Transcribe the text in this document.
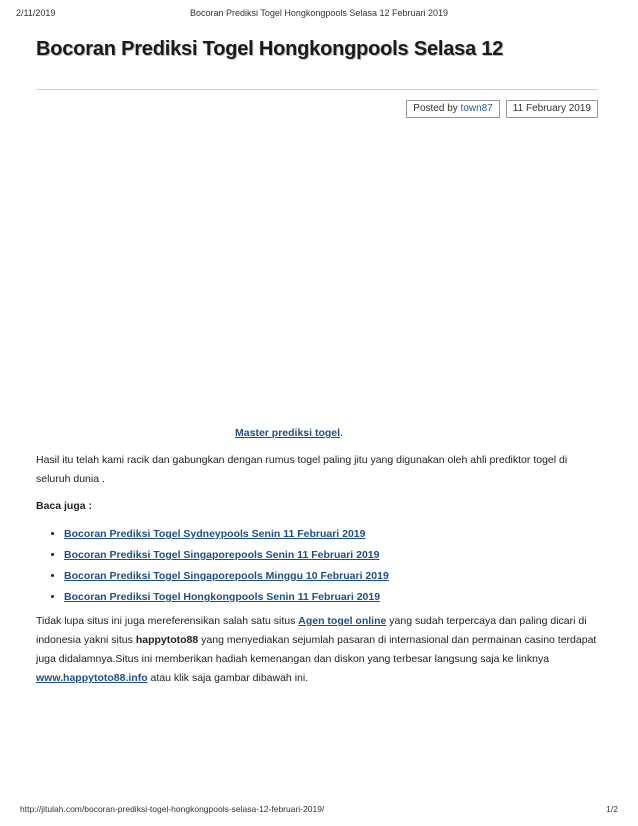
2/11/2019	Bocoran Prediksi Togel Hongkongpools Selasa 12 Februari 2019
Bocoran Prediksi Togel Hongkongpools Selasa 12
Posted by town87	11 February 2019

Master prediksi togel.

Hasil itu telah kami racik dan gabungkan dengan rumus togel paling jitu yang digunakan oleh ahli prediktor togel di seluruh dunia .

Baca juga :

• Bocoran Prediksi Togel Sydneypools Senin 11 Februari 2019
• Bocoran Prediksi Togel Singaporepools Senin 11 Februari 2019
• Bocoran Prediksi Togel Singaporepools Minggu 10 Februari 2019
• Bocoran Prediksi Togel Hongkongpools Senin 11 Februari 2019

Tidak lupa situs ini juga mereferensikan salah satu situs Agen togel online yang sudah terpercaya dan paling dicari di indonesia yakni situs happytoto88 yang menyediakan sejumlah pasaran di internasional dan permainan casino terdapat juga didalamnya.Situs ini memberikan hadiah kemenangan dan diskon yang terbesar langsung saja ke linknya www.happytoto88.info atau klik saja gambar dibawah ini.

http://jitulah.com/bocoran-prediksi-togel-hongkongpools-selasa-12-februari-2019/	1/2
